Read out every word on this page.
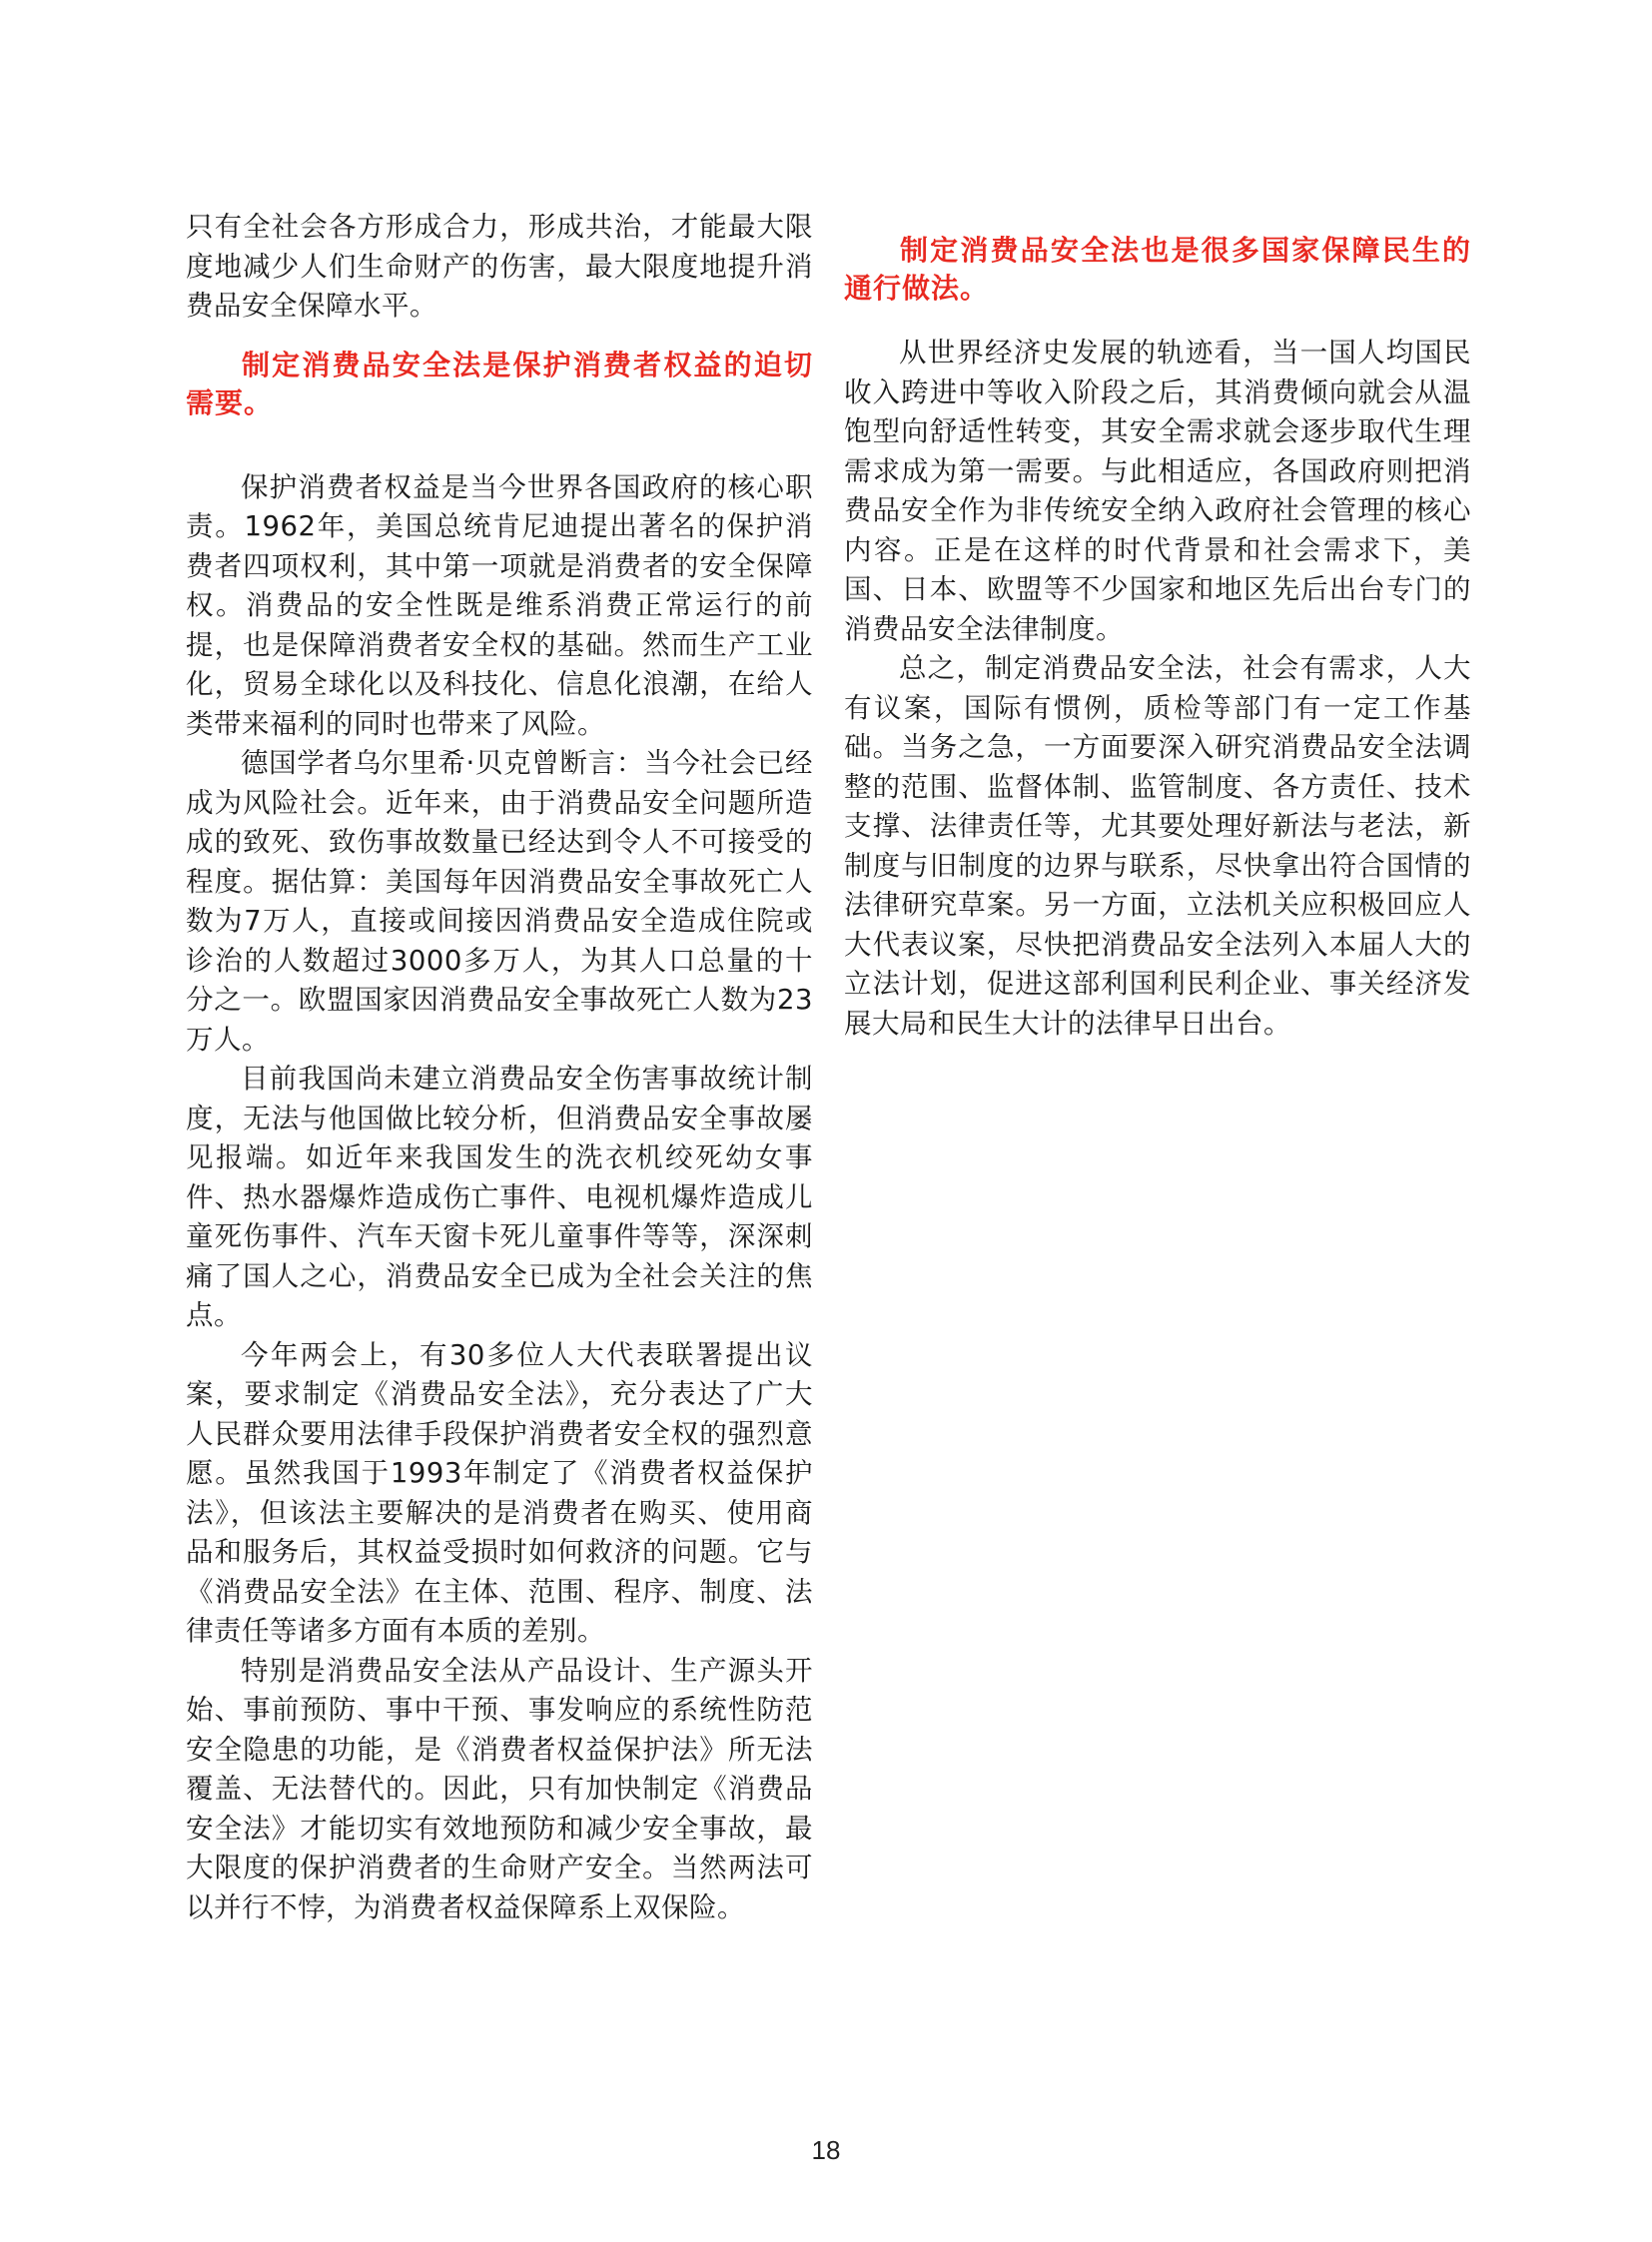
只有全社会各方形成合力，形成共治，才能最大限度地减少人们生命财产的伤害，最大限度地提升消费品安全保障水平。

制定消费品安全法是保护消费者权益的迫切需要。

保护消费者权益是当今世界各国政府的核心职责。1962年，美国总统肯尼迪提出著名的保护消费者四项权利，其中第一项就是消费者的安全保障权。消费品的安全性既是维系消费正常运行的前提，也是保障消费者安全权的基础。然而生产工业化，贸易全球化以及科技化、信息化浪潮，在给人类带来福利的同时也带来了风险。

德国学者乌尔里希·贝克曾断言：当今社会已经成为风险社会。近年来，由于消费品安全问题所造成的致死、致伤事故数量已经达到令人不可接受的程度。据估算：美国每年因消费品安全事故死亡人数为7万人，直接或间接因消费品安全造成住院或诊治的人数超过3000多万人，为其人口总量的十分之一。欧盟国家因消费品安全事故死亡人数为23万人。

目前我国尚未建立消费品安全伤害事故统计制度，无法与他国做比较分析，但消费品安全事故屡见报端。如近年来我国发生的洗衣机绞死幼女事件、热水器爆炸造成伤亡事件、电视机爆炸造成儿童死伤事件、汽车天窗卡死儿童事件等等，深深刺痛了国人之心，消费品安全已成为全社会关注的焦点。

今年两会上，有30多位人大代表联署提出议案，要求制定《消费品安全法》，充分表达了广大人民群众要用法律手段保护消费者安全权的强烈意愿。虽然我国于1993年制定了《消费者权益保护法》，但该法主要解决的是消费者在购买、使用商品和服务后，其权益受损时如何救济的问题。它与《消费品安全法》在主体、范围、程序、制度、法律责任等诸多方面有本质的差别。

特别是消费品安全法从产品设计、生产源头开始、事前预防、事中干预、事发响应的系统性防范安全隐患的功能，是《消费者权益保护法》所无法覆盖、无法替代的。因此，只有加快制定《消费品安全法》才能切实有效地预防和减少安全事故，最大限度的保护消费者的生命财产安全。当然两法可以并行不悖，为消费者权益保障系上双保险。

制定消费品安全法也是很多国家保障民生的通行做法。

从世界经济史发展的轨迹看，当一国人均国民收入跨进中等收入阶段之后，其消费倾向就会从温饱型向舒适性转变，其安全需求就会逐步取代生理需求成为第一需要。与此相适应，各国政府则把消费品安全作为非传统安全纳入政府社会管理的核心内容。正是在这样的时代背景和社会需求下，美国、日本、欧盟等不少国家和地区先后出台专门的消费品安全法律制度。

总之，制定消费品安全法，社会有需求，人大有议案，国际有惯例，质检等部门有一定工作基础。当务之急，一方面要深入研究消费品安全法调整的范围、监督体制、监管制度、各方责任、技术支撑、法律责任等，尤其要处理好新法与老法，新制度与旧制度的边界与联系，尽快拿出符合国情的法律研究草案。另一方面，立法机关应积极回应人大代表议案，尽快把消费品安全法列入本届人大的立法计划，促进这部利国利民利企业、事关经济发展大局和民生大计的法律早日出台。

18
